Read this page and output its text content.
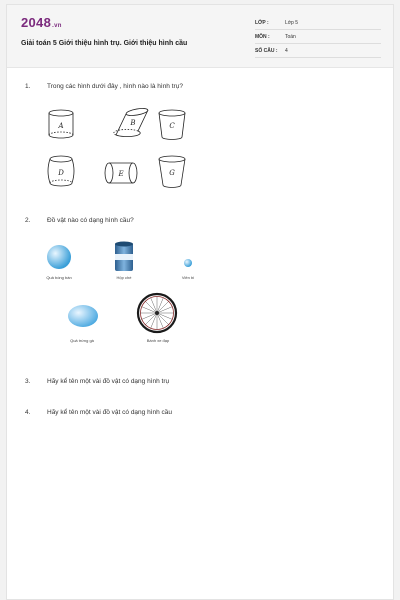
2048.vn
Giải toán 5 Giới thiệu hình trụ. Giới thiệu hình cầu
LỚP :	Lớp 5
MÔN :	Toán
SỐ CÂU : 4
1.	Trong các hình dưới đây , hình nào là hình trụ?
A	B	C
D	E	G
2.	Đồ vật nào có dạng hình cầu?
Quả bóng bàn	Hộp chè	Viên bi
Quả trứng gà	Bánh xe đạp
3.	Hãy kể tên một vài đồ vật có dạng hình trụ
4.	Hãy kể tên một vài đồ vật có dạng hình cầu
